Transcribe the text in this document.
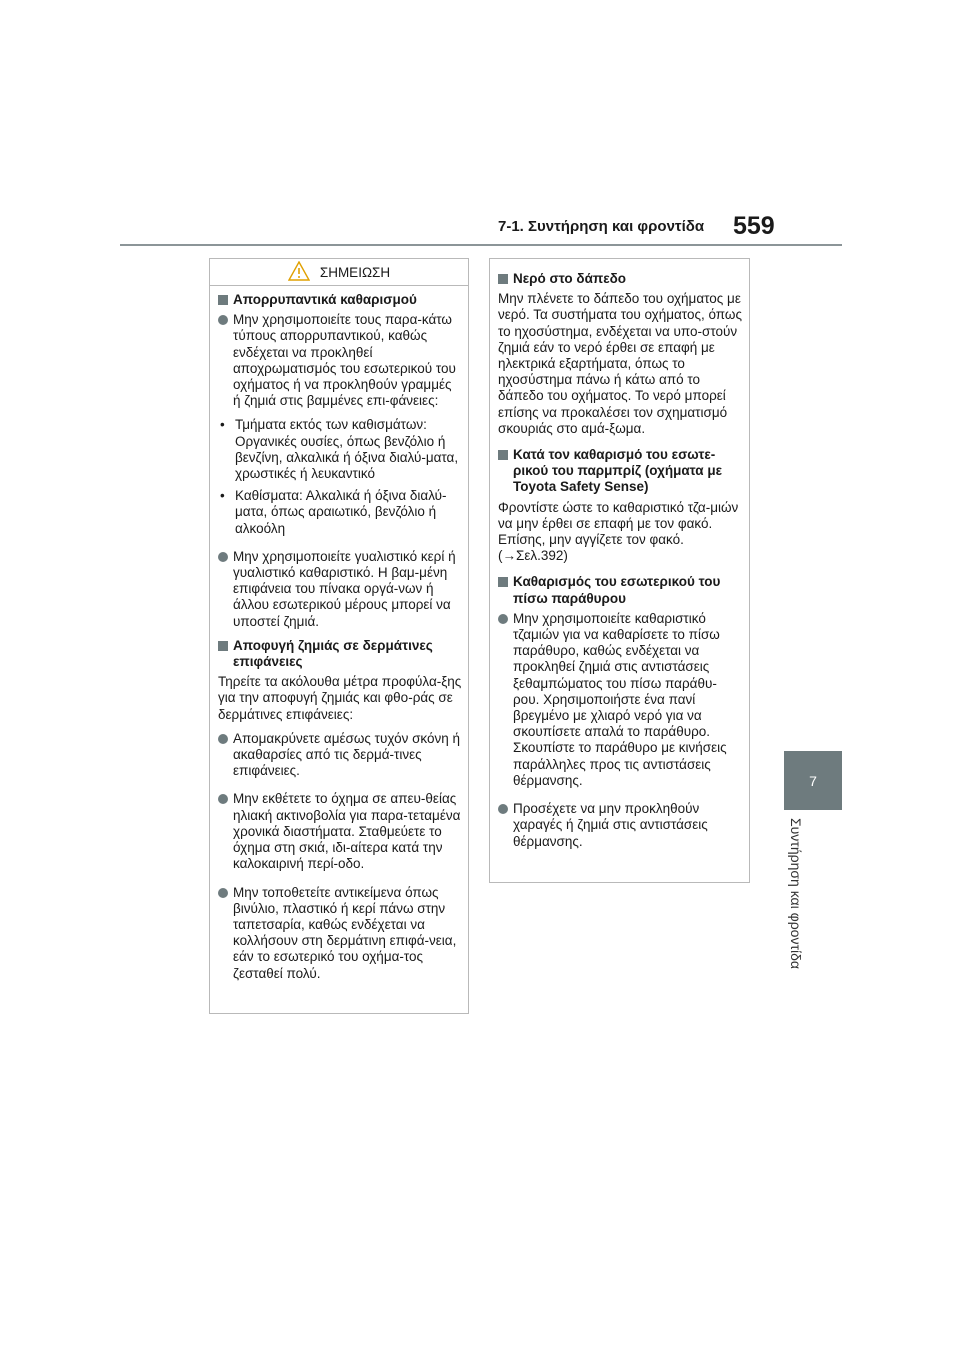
7-1. Συντήρηση και φροντίδα 559
7
Συντήρηση και φροντίδα
ΣΗΜΕΙΩΣΗ
Απορρυπαντικά καθαρισμού
Μην χρησιμοποιείτε τους παρα-κάτω τύπους απορρυπαντικού, καθώς ενδέχεται να προκληθεί αποχρωματισμός του εσωτερικού του οχήματος ή να προκληθούν γραμμές ή ζημιά στις βαμμένες επι-φάνειες:
• Τμήματα εκτός των καθισμάτων: Οργανικές ουσίες, όπως βενζόλιο ή βενζίνη, αλκαλικά ή όξινα διαλύ-ματα, χρωστικές ή λευκαντικό
• Καθίσματα: Αλκαλικά ή όξινα διαλύ-ματα, όπως αραιωτικό, βενζόλιο ή αλκοόλη
Μην χρησιμοποιείτε γυαλιστικό κερί ή γυαλιστικό καθαριστικό. Η βαμ-μένη επιφάνεια του πίνακα οργά-νων ή άλλου εσωτερικού μέρους μπορεί να υποστεί ζημιά.
Αποφυγή ζημιάς σε δερμάτινες επιφάνειες
Τηρείτε τα ακόλουθα μέτρα προφύλα-ξης για την αποφυγή ζημιάς και φθο-ράς σε δερμάτινες επιφάνειες:
Απομακρύνετε αμέσως τυχόν σκόνη ή ακαθαρσίες από τις δερμά-τινες επιφάνειες.
Μην εκθέτετε το όχημα σε απευ-θείας ηλιακή ακτινοβολία για παρα-τεταμένα χρονικά διαστήματα. Σταθμεύετε το όχημα στη σκιά, ιδι-αίτερα κατά την καλοκαιρινή περί-οδο.
Μην τοποθετείτε αντικείμενα όπως βινύλιο, πλαστικό ή κερί πάνω στην ταπετσαρία, καθώς ενδέχεται να κολλήσουν στη δερμάτινη επιφά-νεια, εάν το εσωτερικό του οχήμα-τος ζεσταθεί πολύ.
Νερό στο δάπεδο
Μην πλένετε το δάπεδο του οχήματος με νερό. Τα συστήματα του οχήματος, όπως το ηχοσύστημα, ενδέχεται να υπο-στούν ζημιά εάν το νερό έρθει σε επαφή με ηλεκτρικά εξαρτήματα, όπως το ηχοσύστημα πάνω ή κάτω από το δάπεδο του οχήματος. Το νερό μπορεί επίσης να προκαλέσει τον σχηματισμό σκουριάς στο αμά-ξωμα.
Κατά τον καθαρισμό του εσωτε-ρικού του παρμπρίζ (οχήματα με Toyota Safety Sense)
Φροντίστε ώστε το καθαριστικό τζα-μιών να μην έρθει σε επαφή με τον φακό. Επίσης, μην αγγίζετε τον φακό. (→Σελ.392)
Καθαρισμός του εσωτερικού του πίσω παράθυρου
Μην χρησιμοποιείτε καθαριστικό τζαμιών για να καθαρίσετε το πίσω παράθυρο, καθώς ενδέχεται να προκληθεί ζημιά στις αντιστάσεις ξεθαμπώματος του πίσω παράθυ-ρου. Χρησιμοποιήστε ένα πανί βρεγμένο με χλιαρό νερό για να σκουπίσετε απαλά το παράθυρο. Σκουπίστε το παράθυρο με κινήσεις παράλληλες προς τις αντιστάσεις θέρμανσης.
Προσέχετε να μην προκληθούν χαραγές ή ζημιά στις αντιστάσεις θέρμανσης.
